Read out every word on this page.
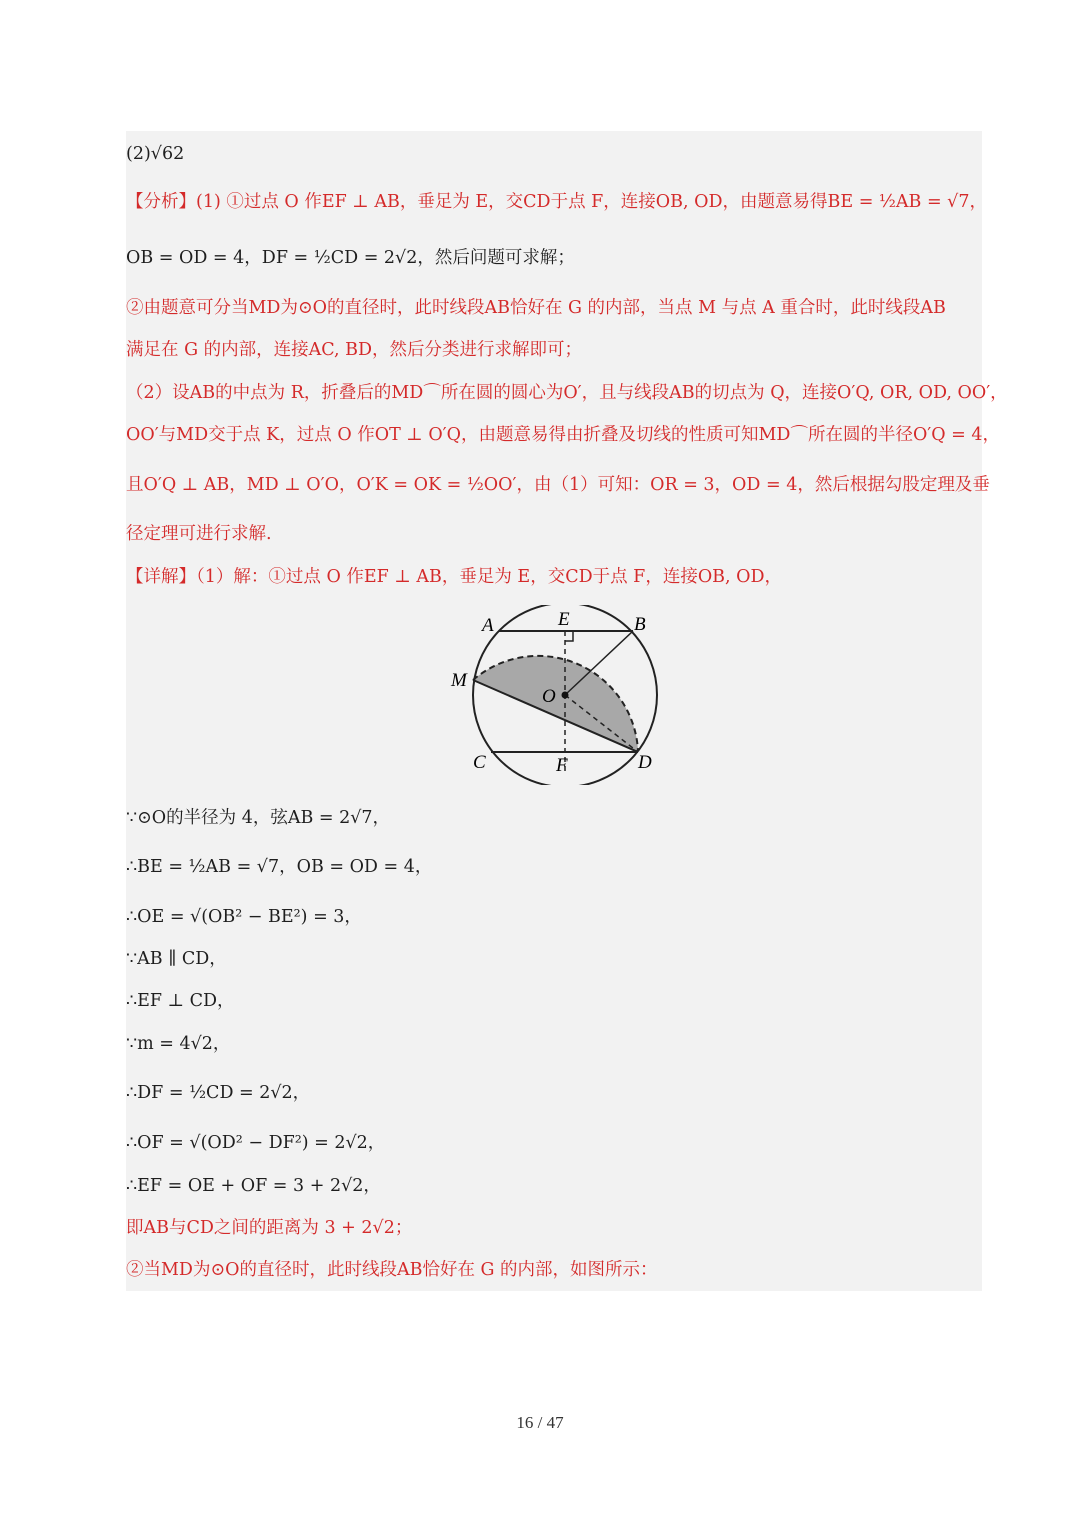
(2)√62
【分析】(1) ①过点 O 作EF ⊥ AB，垂足为 E，交CD于点 F，连接OB, OD，由题意易得BE = ½AB = √7，
OB = OD = 4，DF = ½CD = 2√2，然后问题可求解；
②由题意可分当MD为⊙O的直径时，此时线段AB恰好在 G 的内部，当点 M 与点 A 重合时，此时线段AB
满足在 G 的内部，连接AC, BD，然后分类进行求解即可；
（2）设AB的中点为 R，折叠后的MD⌒所在圆的圆心为O′，且与线段AB的切点为 Q，连接O′Q, OR, OD, OO′，
OO′与MD交于点 K，过点 O 作OT ⊥ O′Q，由题意易得由折叠及切线的性质可知MD⌒所在圆的半径O′Q = 4，
且O′Q ⊥ AB，MD ⊥ O′O，O′K = OK = ½OO′，由（1）可知：OR = 3，OD = 4，然后根据勾股定理及垂
径定理可进行求解.
【详解】（1）解：①过点 O 作EF ⊥ AB，垂足为 E，交CD于点 F，连接OB, OD，
∵⊙O的半径为 4，弦AB = 2√7，
∴BE = ½AB = √7，OB = OD = 4，
∴OE = √(OB² − BE²) = 3，
∵AB ∥ CD，
∴EF ⊥ CD，
∵m = 4√2，
∴DF = ½CD = 2√2，
∴OF = √(OD² − DF²) = 2√2，
∴EF = OE + OF = 3 + 2√2，
即AB与CD之间的距离为 3 + 2√2；
②当MD为⊙O的直径时，此时线段AB恰好在 G 的内部，如图所示：
A	E	B
M
O
C	F	D
16 / 47
